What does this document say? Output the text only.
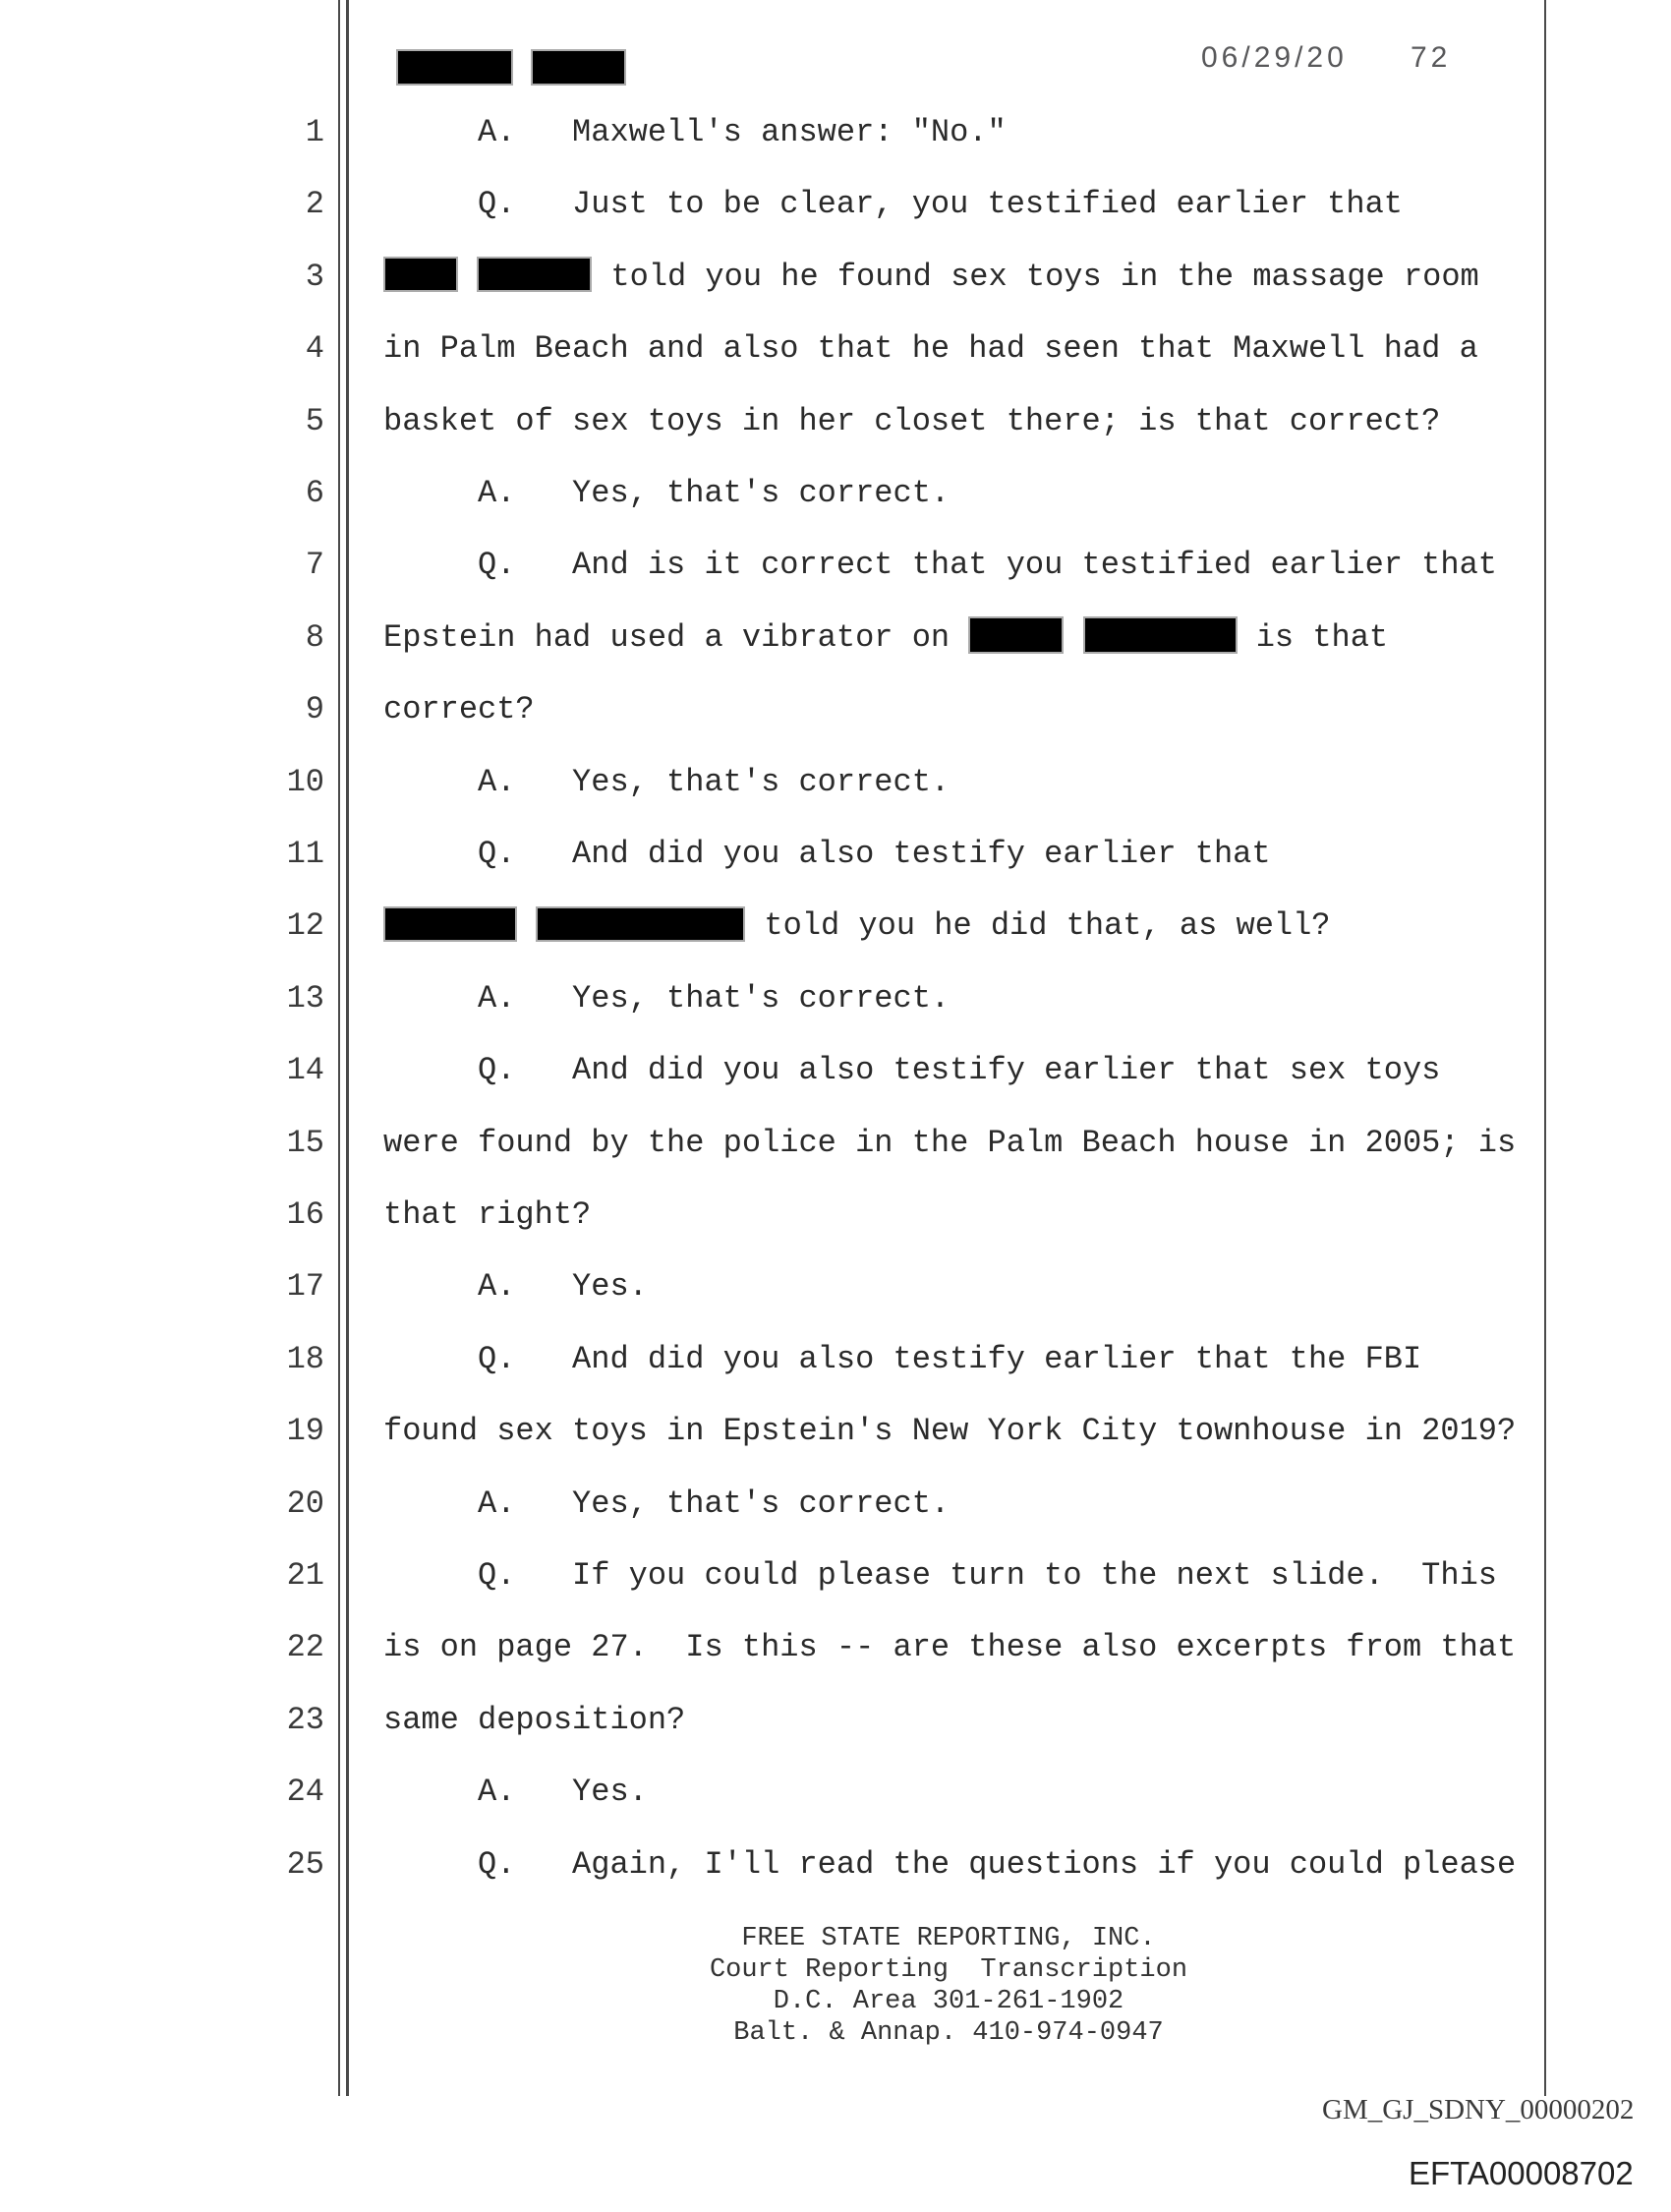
06/29/20 72
1 A.   Maxwell's answer: "No."
2 Q.   Just to be clear, you testified earlier that
3	told you he found sex toys in the massage room
4 in Palm Beach and also that he had seen that Maxwell had a
5 basket of sex toys in her closet there; is that correct?
6 A.   Yes, that's correct.
7 Q.   And is it correct that you testified earlier that
8 Epstein had used a vibrator on	is that
9 correct?
10 A.   Yes, that's correct.
11 Q.   And did you also testify earlier that
12	told you he did that, as well?
13 A.   Yes, that's correct.
14 Q.   And did you also testify earlier that sex toys
15 were found by the police in the Palm Beach house in 2005; is
16 that right?
17 A.   Yes.
18 Q.   And did you also testify earlier that the FBI
19 found sex toys in Epstein's New York City townhouse in 2019?
20 A.   Yes, that's correct.
21 Q.   If you could please turn to the next slide.  This
22 is on page 27.  Is this -- are these also excerpts from that
23 same deposition?
24 A.   Yes.
25 Q.   Again, I'll read the questions if you could please
FREE STATE REPORTING, INC.
Court Reporting  Transcription
D.C. Area 301-261-1902
Balt. & Annap. 410-974-0947
GM_GJ_SDNY_00000202
EFTA00008702
